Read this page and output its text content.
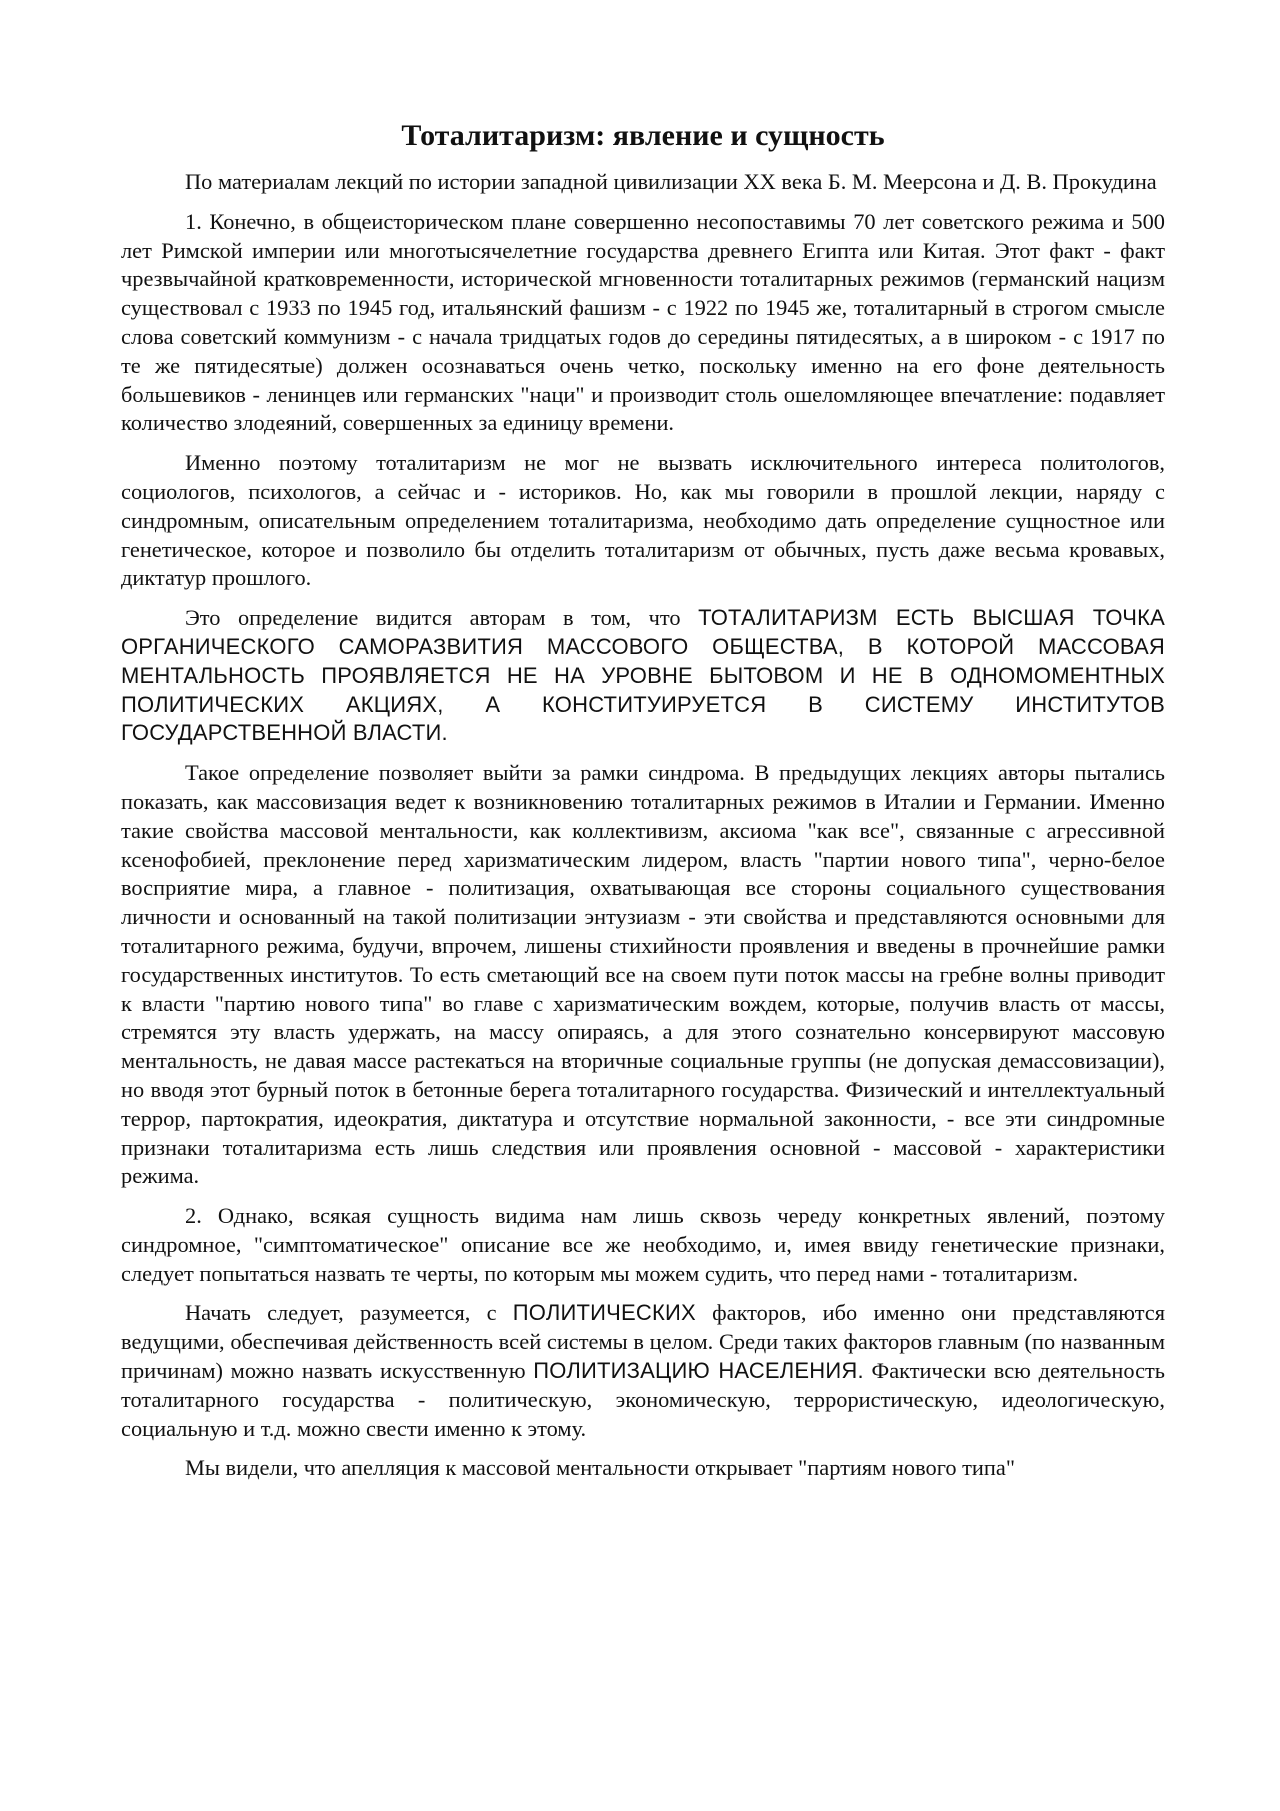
Тоталитаризм: явление и сущность

По материалам лекций по истории западной цивилизации XX века Б. М. Меерсона и Д. В. Прокудина

1. Конечно, в общеисторическом плане совершенно несопоставимы 70 лет советского режима и 500 лет Римской империи или многотысячелетние государства древнего Египта или Китая. Этот факт - факт чрезвычайной кратковременности, исторической мгновенности тоталитарных режимов (германский нацизм существовал с 1933 по 1945 год, итальянский фашизм - с 1922 по 1945 же, тоталитарный в строгом смысле слова советский коммунизм - с начала тридцатых годов до середины пятидесятых, а в широком - с 1917 по те же пятидесятые) должен осознаваться очень четко, поскольку именно на его фоне деятельность большевиков - ленинцев или германских "наци" и производит столь ошеломляющее впечатление: подавляет количество злодеяний, совершенных за единицу времени.

Именно поэтому тоталитаризм не мог не вызвать исключительного интереса политологов, социологов, психологов, а сейчас и - историков. Но, как мы говорили в прошлой лекции, наряду с синдромным, описательным определением тоталитаризма, необходимо дать определение сущностное или генетическое, которое и позволило бы отделить тоталитаризм от обычных, пусть даже весьма кровавых, диктатур прошлого.

Это определение видится авторам в том, что ТОТАЛИТАРИЗМ ЕСТЬ ВЫСШАЯ ТОЧКА ОРГАНИЧЕСКОГО САМОРАЗВИТИЯ МАССОВОГО ОБЩЕСТВА, В КОТОРОЙ МАССОВАЯ МЕНТАЛЬНОСТЬ ПРОЯВЛЯЕТСЯ НЕ НА УРОВНЕ БЫТОВОМ И НЕ В ОДНОМОМЕНТНЫХ ПОЛИТИЧЕСКИХ АКЦИЯХ, А КОНСТИТУИРУЕТСЯ В СИСТЕМУ ИНСТИТУТОВ ГОСУДАРСТВЕННОЙ ВЛАСТИ.

Такое определение позволяет выйти за рамки синдрома. В предыдущих лекциях авторы пытались показать, как массовизация ведет к возникновению тоталитарных режимов в Италии и Германии. Именно такие свойства массовой ментальности, как коллективизм, аксиома "как все", связанные с агрессивной ксенофобией, преклонение перед харизматическим лидером, власть "партии нового типа", черно-белое восприятие мира, а главное - политизация, охватывающая все стороны социального существования личности и основанный на такой политизации энтузиазм - эти свойства и представляются основными для тоталитарного режима, будучи, впрочем, лишены стихийности проявления и введены в прочнейшие рамки государственных институтов. То есть сметающий все на своем пути поток массы на гребне волны приводит к власти "партию нового типа" во главе с харизматическим вождем, которые, получив власть от массы, стремятся эту власть удержать, на массу опираясь, а для этого сознательно консервируют массовую ментальность, не давая массе растекаться на вторичные социальные группы (не допуская демассовизации), но вводя этот бурный поток в бетонные берега тоталитарного государства. Физический и интеллектуальный террор, партократия, идеократия, диктатура и отсутствие нормальной законности, - все эти синдромные признаки тоталитаризма есть лишь следствия или проявления основной - массовой - характеристики режима.

2. Однако, всякая сущность видима нам лишь сквозь череду конкретных явлений, поэтому синдромное, "симптоматическое" описание все же необходимо, и, имея ввиду генетические признаки, следует попытаться назвать те черты, по которым мы можем судить, что перед нами - тоталитаризм.

Начать следует, разумеется, с ПОЛИТИЧЕСКИХ факторов, ибо именно они представляются ведущими, обеспечивая действенность всей системы в целом. Среди таких факторов главным (по названным причинам) можно назвать искусственную ПОЛИТИЗАЦИЮ НАСЕЛЕНИЯ. Фактически всю деятельность тоталитарного государства - политическую, экономическую, террористическую, идеологическую, социальную и т.д. можно свести именно к этому.

Мы видели, что апелляция к массовой ментальности открывает "партиям нового типа"
